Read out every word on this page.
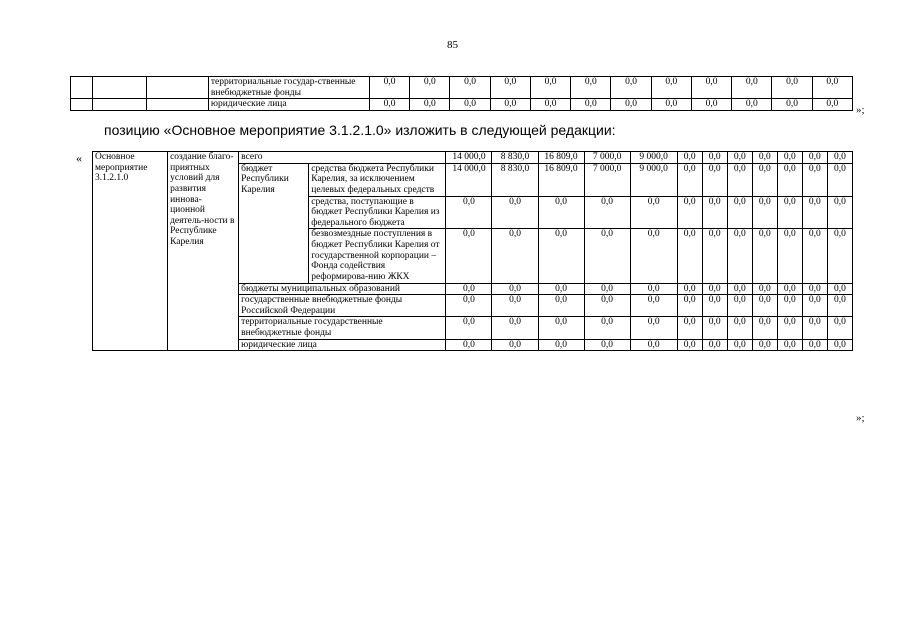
85
			территориальные государ-ственные внебюджетные фонды	0,0	0,0	0,0	0,0	0,0	0,0	0,0	0,0	0,0	0,0	0,0	0,0
			юридические лица	0,0	0,0	0,0	0,0	0,0	0,0	0,0	0,0	0,0	0,0	0,0	0,0 »;
позицию «Основное мероприятие 3.1.2.1.0» изложить в следующей редакции:
« Основное мероприятие 3.1.2.1.0	создание благо-приятных условий для развития иннова-ционной деятель-ности в Республике Карелия	всего		14 000,0	8 830,0	16 809,0	7 000,0	9 000,0	0,0	0,0	0,0	0,0	0,0	0,0	0,0
		бюджет Республики Карелия	средства бюджета Республики Карелия, за исключением целевых федеральных средств	14 000,0	8 830,0	16 809,0	7 000,0	9 000,0	0,0	0,0	0,0	0,0	0,0	0,0	0,0
			средства, поступающие в бюджет Республики Карелия из федерального бюджета	0,0	0,0	0,0	0,0	0,0	0,0	0,0	0,0	0,0	0,0	0,0	0,0
			безвозмездные поступления в бюджет Республики Карелия от государственной корпорации – Фонда содействия реформирова-нию ЖКХ	0,0	0,0	0,0	0,0	0,0	0,0	0,0	0,0	0,0	0,0	0,0	0,0
		бюджеты муниципальных образований		0,0	0,0	0,0	0,0	0,0	0,0	0,0	0,0	0,0	0,0	0,0	0,0
		государственные внебюджетные фонды Российской Федерации		0,0	0,0	0,0	0,0	0,0	0,0	0,0	0,0	0,0	0,0	0,0	0,0
		территориальные государственные внебюджетные фонды		0,0	0,0	0,0	0,0	0,0	0,0	0,0	0,0	0,0	0,0	0,0	0,0
		юридические лица		0,0	0,0	0,0	0,0	0,0	0,0	0,0	0,0	0,0	0,0	0,0	0,0
»;
